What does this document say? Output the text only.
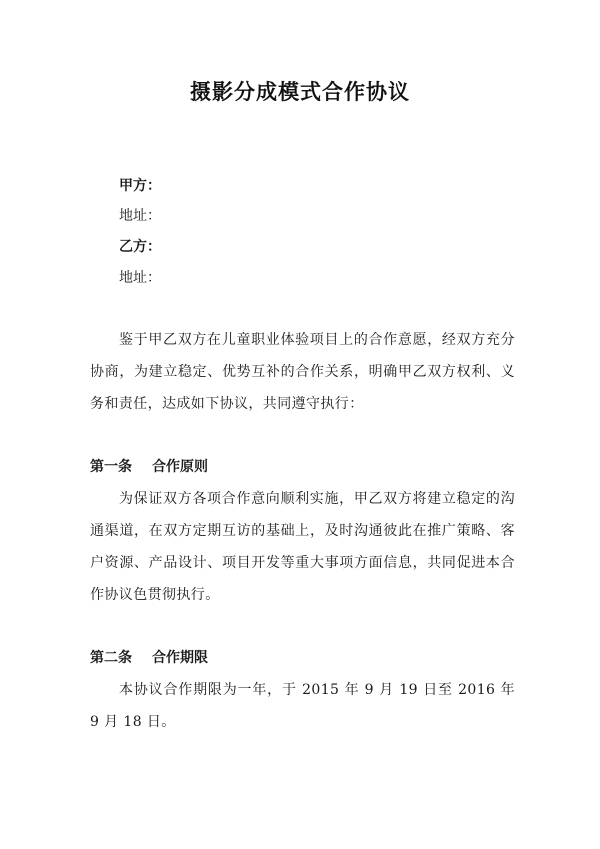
摄影分成模式合作协议
甲方：
地址：
乙方：
地址：
鉴于甲乙双方在儿童职业体验项目上的合作意愿，经双方充分协商，为建立稳定、优势互补的合作关系，明确甲乙双方权利、义务和责任，达成如下协议，共同遵守执行：
第一条 合作原则
为保证双方各项合作意向顺利实施，甲乙双方将建立稳定的沟通渠道，在双方定期互访的基础上，及时沟通彼此在推广策略、客户资源、产品设计、项目开发等重大事项方面信息，共同促进本合作协议色贯彻执行。
第二条 合作期限
本协议合作期限为一年，于 2015 年 9 月 19 日至 2016 年 9 月 18 日。
